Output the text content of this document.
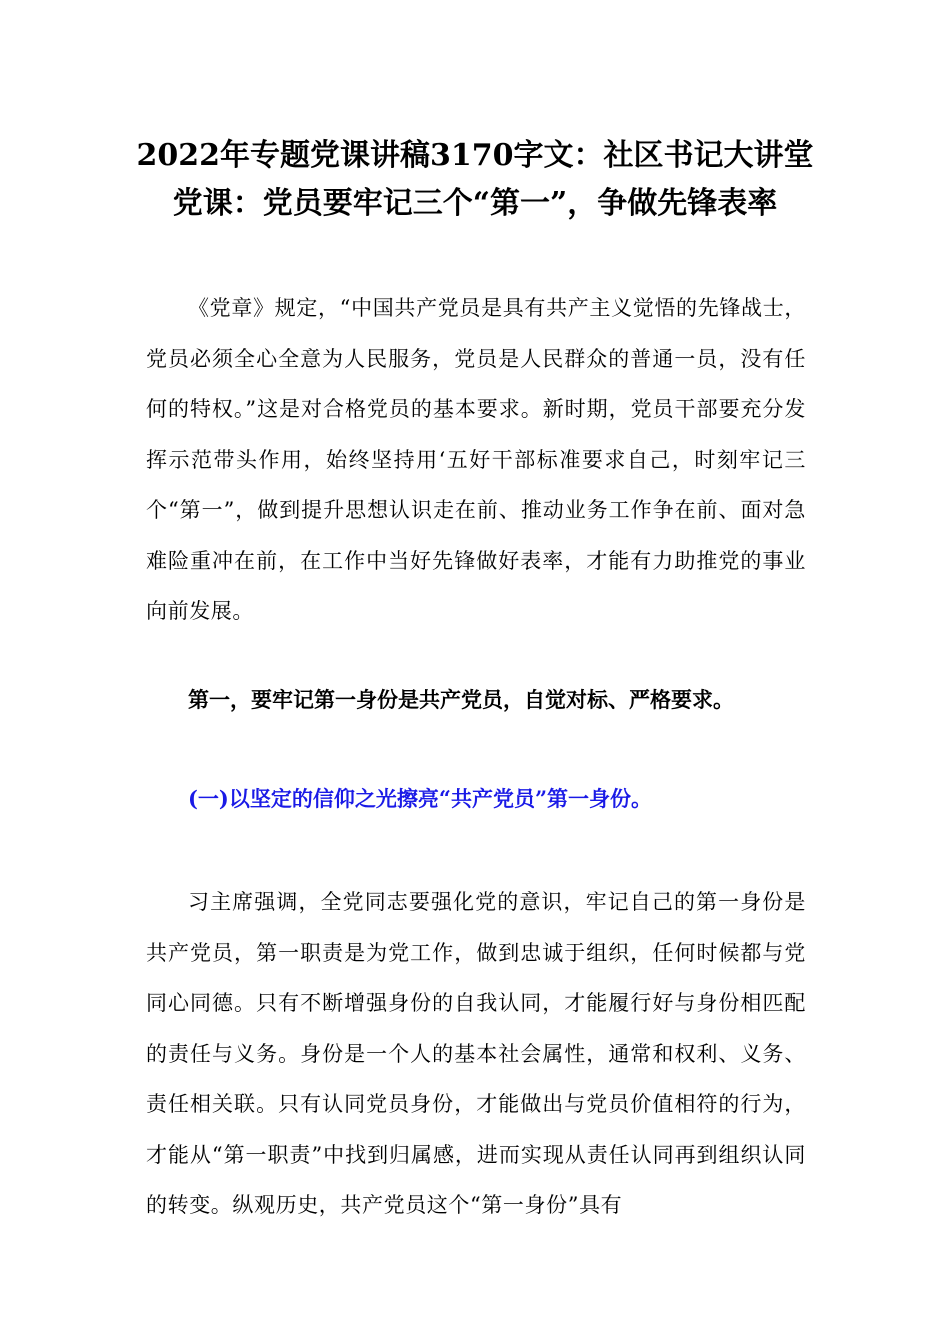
2022年专题党课讲稿3170字文：社区书记大讲堂党课：党员要牢记三个“第一”，争做先锋表率

《党章》规定，“中国共产党员是具有共产主义觉悟的先锋战士，党员必须全心全意为人民服务，党员是人民群众的普通一员，没有任何的特权。”这是对合格党员的基本要求。新时期，党员干部要充分发挥示范带头作用，始终坚持用‘五好干部标准要求自己，时刻牢记三个“第一”，做到提升思想认识走在前、推动业务工作争在前、面对急难险重冲在前，在工作中当好先锋做好表率，才能有力助推党的事业向前发展。

第一，要牢记第一身份是共产党员，自觉对标、严格要求。
(一)以坚定的信仰之光擦亮“共产党员”第一身份。

习主席强调，全党同志要强化党的意识，牢记自己的第一身份是共产党员，第一职责是为党工作，做到忠诚于组织，任何时候都与党同心同德。只有不断增强身份的自我认同，才能履行好与身份相匹配的责任与义务。身份是一个人的基本社会属性，通常和权利、义务、责任相关联。只有认同党员身份，才能做出与党员价值相符的行为，才能从“第一职责”中找到归属感，进而实现从责任认同再到组织认同的转变。纵观历史，共产党员这个“第一身份”具有
